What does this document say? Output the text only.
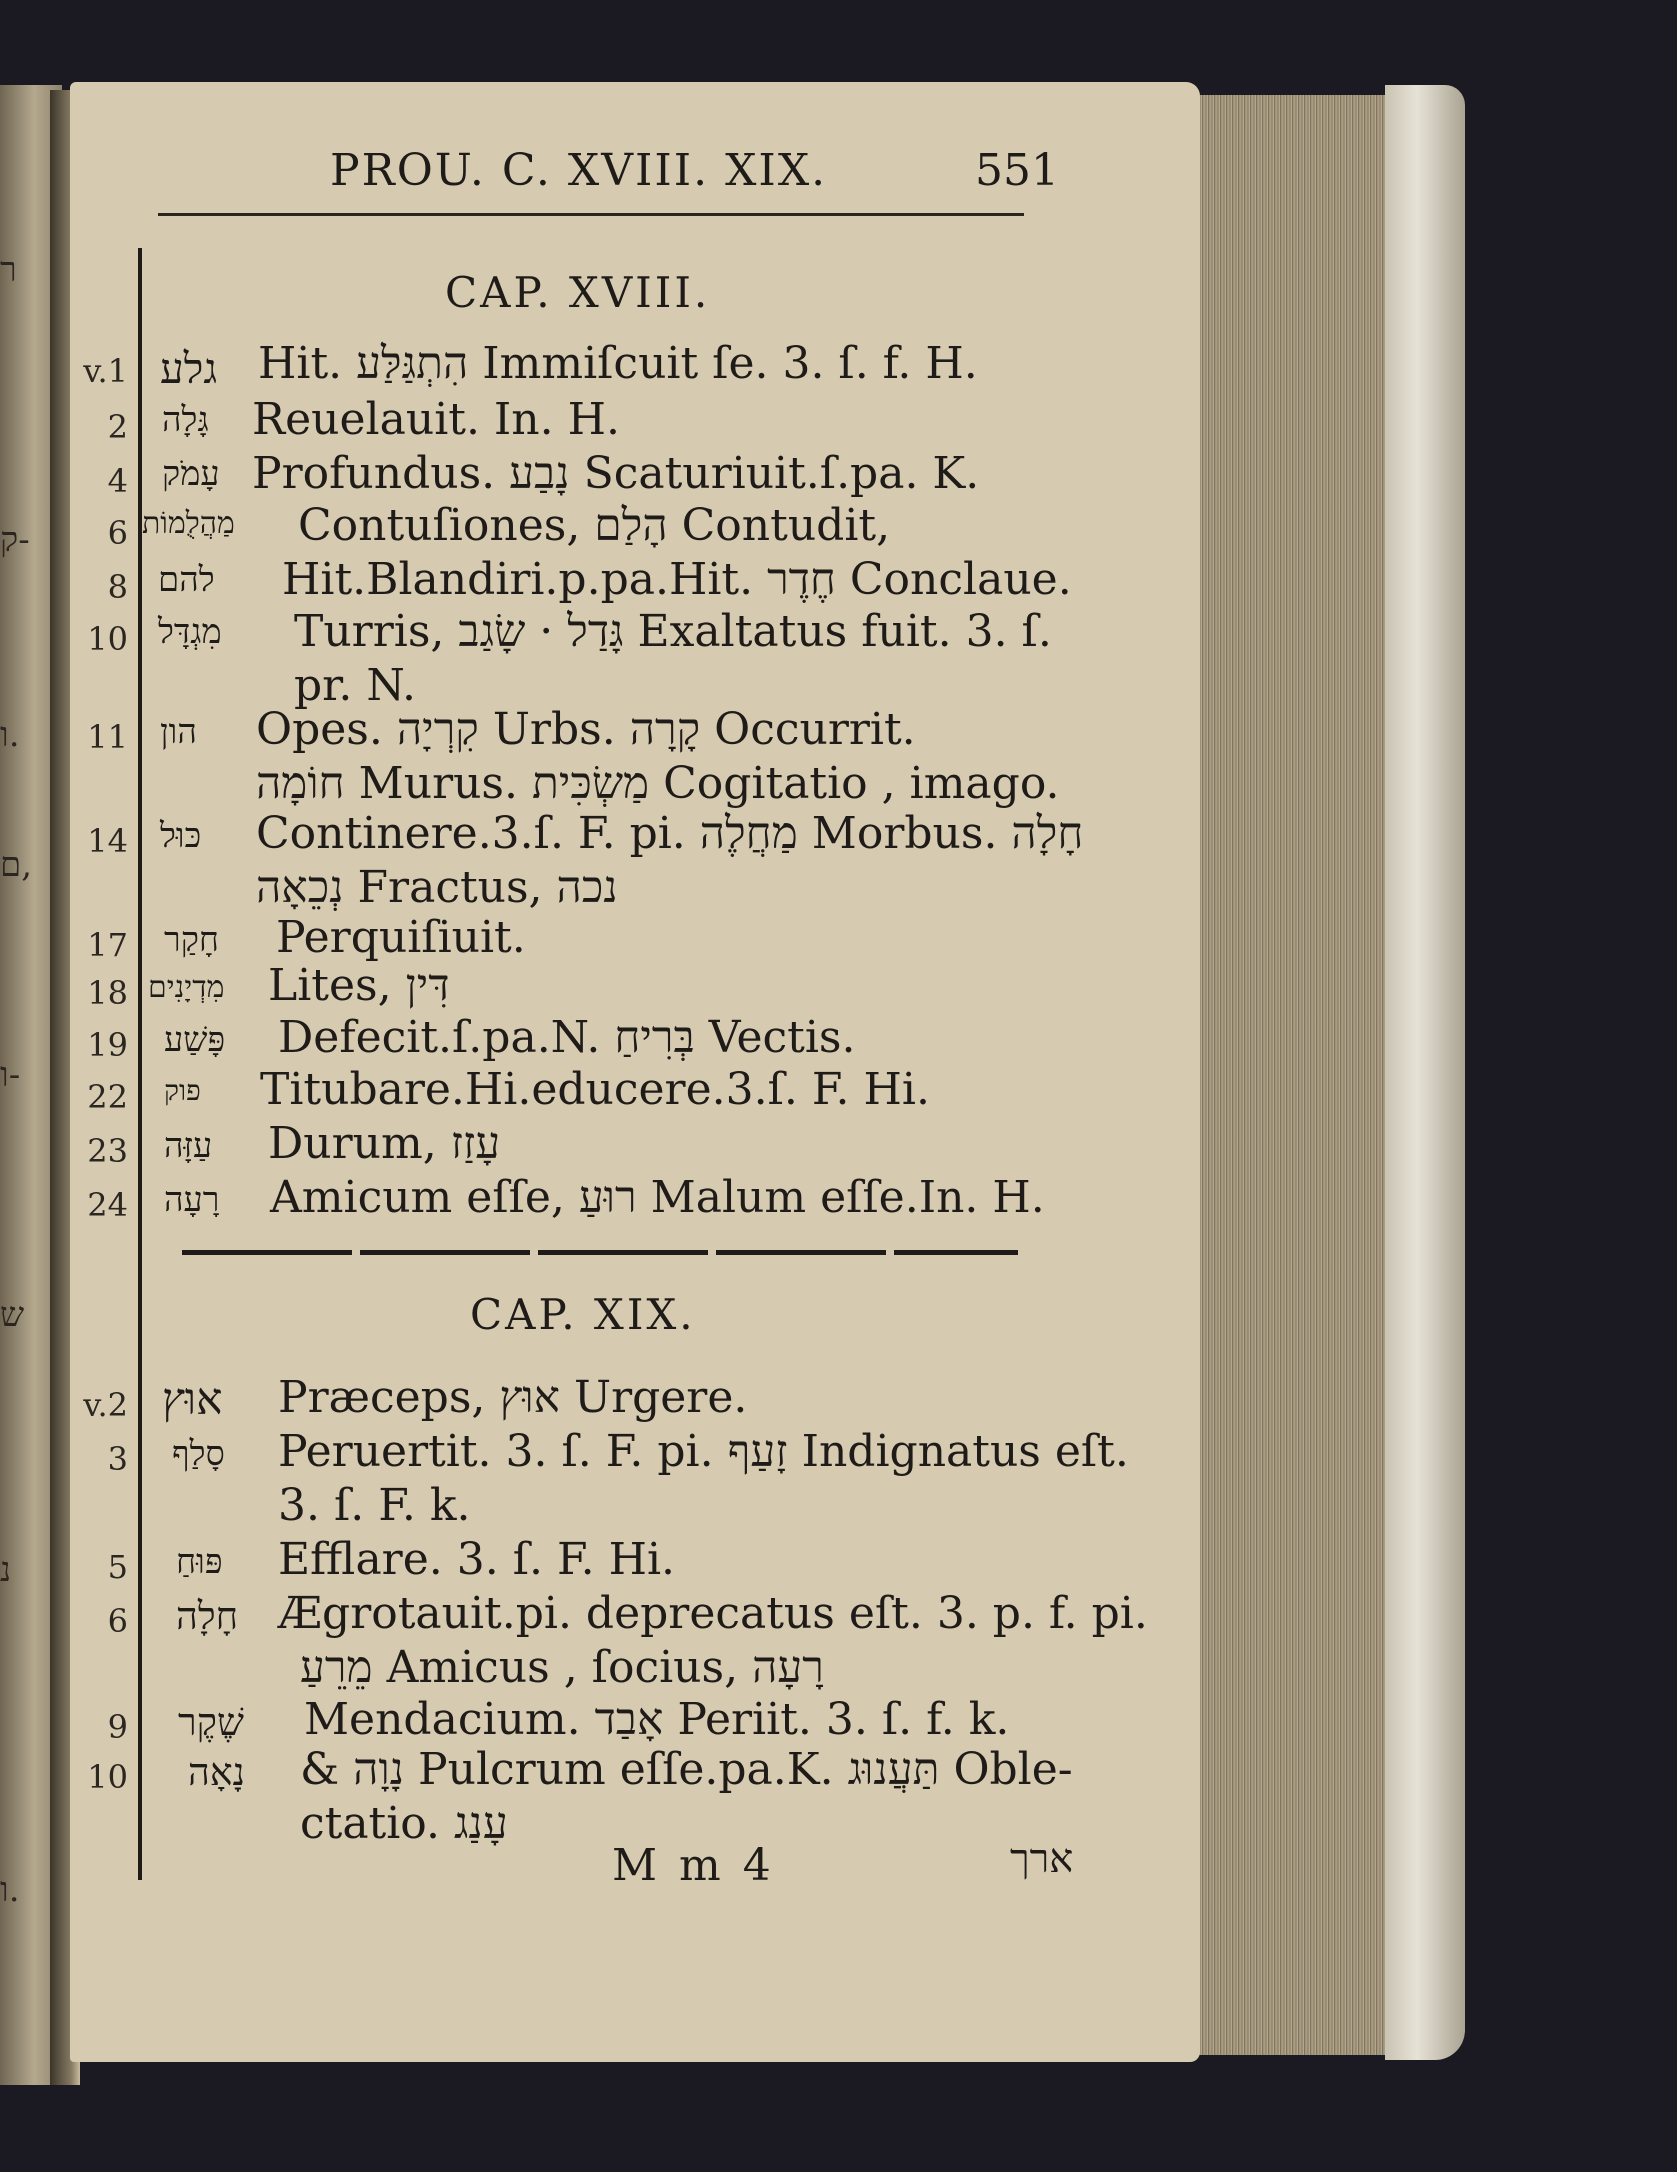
ר
ק-
ו.
ם,
ו-
ש
נ
ו.
PROU. C. XVIII. XIX.	551
CAP. XVIII.
v.1 גלע Hit. הִתְגַּלַּע Immiſcuit ſe. 3. ſ. f. H.
2 גָּלָה Reuelauit. In. H.
4 עָמֹק Profundus. נָבַע Scaturiuit.ſ.pa. K.
6 מַהֲלֻמוֹת Contuſiones, הָלַם Contudit,
8 להם Hit.Blandiri.p.pa.Hit. חֶדֶר Conclaue.
10 מִגְדָּל Turris, גָּדַל · שָׂגַב Exaltatus fuit. 3. ſ.
pr. N.
11 הון Opes. קִרְיָה Urbs. קָרָה Occurrit.
חוֹמָה Murus. מַשְׂכִּית Cogitatio , imago.
14 כּוּל Continere.3.ſ. F. pi. מַחֲלֶה Morbus. חָלָה
נְכֵאָה Fractus, נכה
17 חָקַר Perquiſiuit.
18 מִדְיָנִים Lites, דִּין
19 פָּשַׁע Defecit.ſ.pa.N. בְּרִיחַ Vectis.
22 פוק Titubare.Hi.educere.3.ſ. F. Hi.
23 עַזָּה Durum, עָזַז
24 רָעָה Amicum eſſe, רוּעַ Malum eſſe.In. H.
CAP. XIX.
v.2 אוּץ Præceps, אוּץ Urgere.
3 סָלַף Peruertit. 3. ſ. F. pi. זָעַף Indignatus eſt.
3. ſ. F. k.
5 פּוּחַ Efflare. 3. ſ. F. Hi.
6 חָלָה Ægrotauit.pi. deprecatus eſt. 3. p. f. pi.
מֵרֵעַ Amicus , ſocius, רָעָה
9 שֶׁקֶר Mendacium. אָבַד Periit. 3. ſ. f. k.
10 נָאָה & נָוָה Pulcrum eſſe.pa.K. תַּעֲנוּג Oble-
ctatio. עָנַג
M m 4	ארך
